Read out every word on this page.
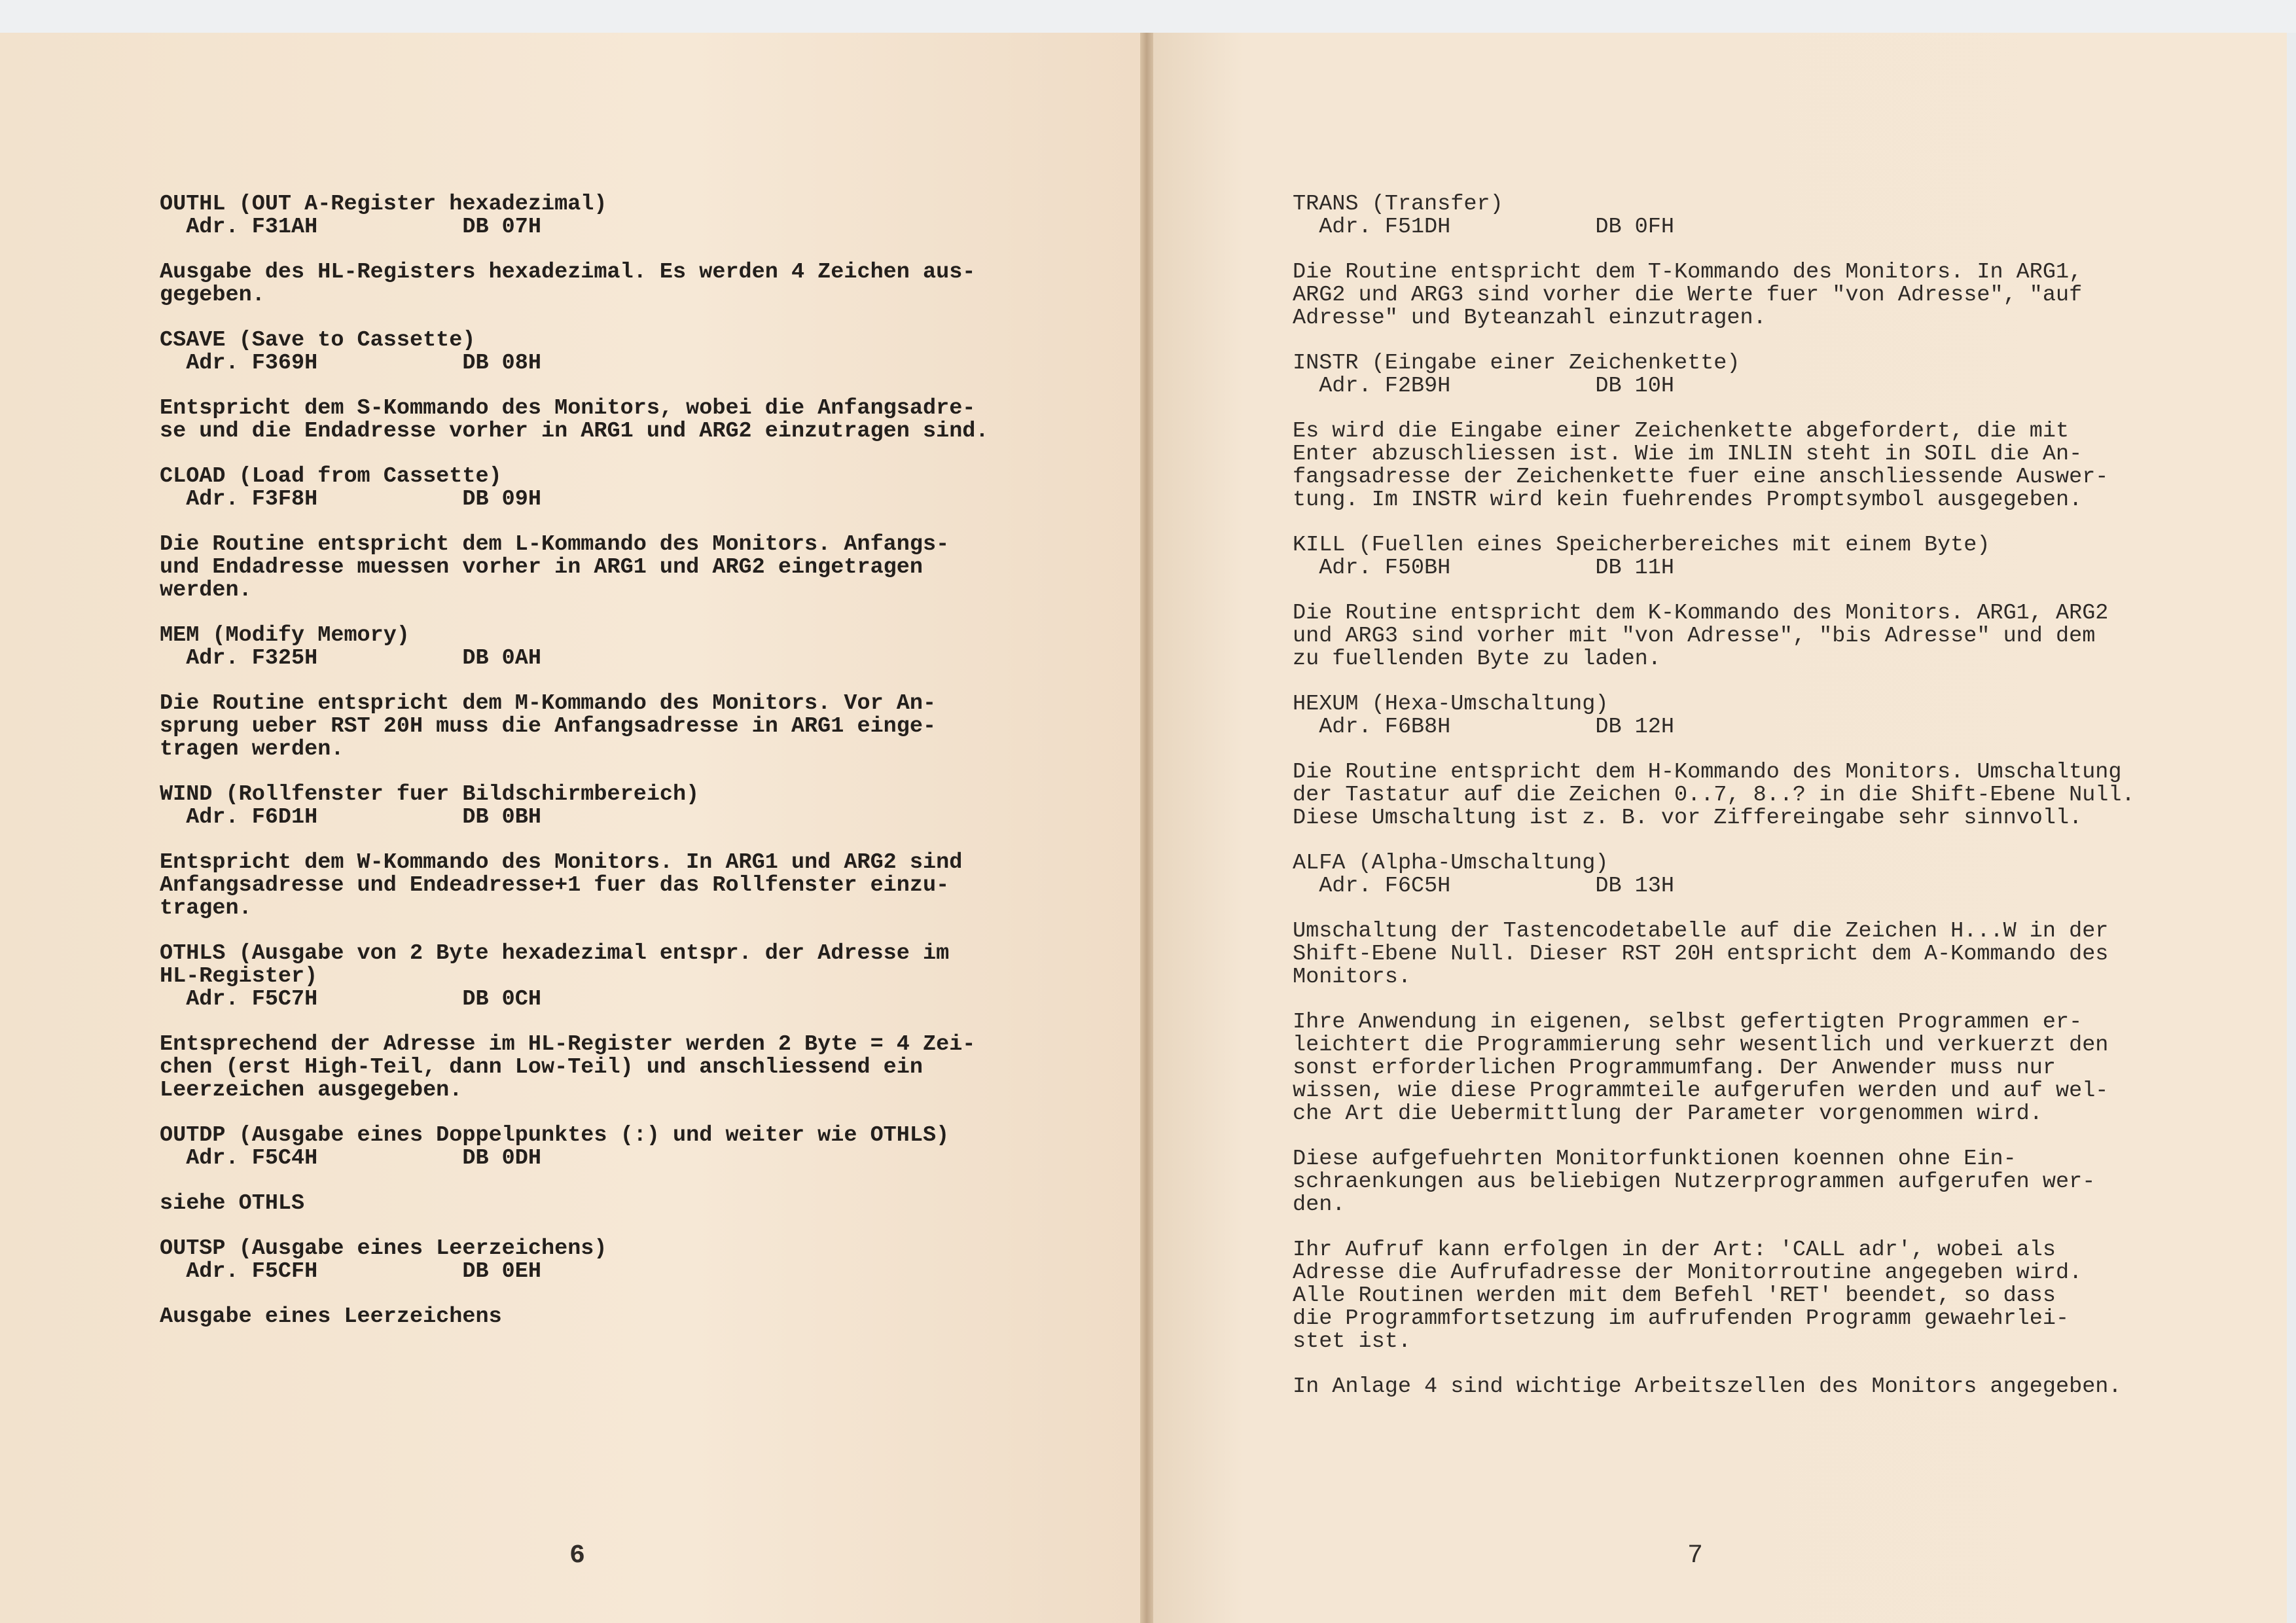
OUTHL (OUT A-Register hexadezimal)
Adr. F31AH           DB 07H
Ausgabe des HL-Registers hexadezimal. Es werden 4 Zeichen aus-
gegeben.
CSAVE (Save to Cassette)
Adr. F369H           DB 08H
Entspricht dem S-Kommando des Monitors, wobei die Anfangsadre-
se und die Endadresse vorher in ARG1 und ARG2 einzutragen sind.
CLOAD (Load from Cassette)
Adr. F3F8H           DB 09H
Die Routine entspricht dem L-Kommando des Monitors. Anfangs-
und Endadresse muessen vorher in ARG1 und ARG2 eingetragen
werden.
MEM (Modify Memory)
Adr. F325H           DB 0AH
Die Routine entspricht dem M-Kommando des Monitors. Vor An-
sprung ueber RST 20H muss die Anfangsadresse in ARG1 einge-
tragen werden.
WIND (Rollfenster fuer Bildschirmbereich)
Adr. F6D1H           DB 0BH
Entspricht dem W-Kommando des Monitors. In ARG1 und ARG2 sind
Anfangsadresse und Endeadresse+1 fuer das Rollfenster einzu-
tragen.
OTHLS (Ausgabe von 2 Byte hexadezimal entspr. der Adresse im
HL-Register)
Adr. F5C7H           DB 0CH
Entsprechend der Adresse im HL-Register werden 2 Byte = 4 Zei-
chen (erst High-Teil, dann Low-Teil) und anschliessend ein
Leerzeichen ausgegeben.
OUTDP (Ausgabe eines Doppelpunktes (:) und weiter wie OTHLS)
Adr. F5C4H           DB 0DH
siehe OTHLS
OUTSP (Ausgabe eines Leerzeichens)
Adr. F5CFH           DB 0EH
Ausgabe eines Leerzeichens
6
TRANS (Transfer)
Adr. F51DH           DB 0FH
Die Routine entspricht dem T-Kommando des Monitors. In ARG1,
ARG2 und ARG3 sind vorher die Werte fuer "von Adresse", "auf
Adresse" und Byteanzahl einzutragen.
INSTR (Eingabe einer Zeichenkette)
Adr. F2B9H           DB 10H
Es wird die Eingabe einer Zeichenkette abgefordert, die mit
Enter abzuschliessen ist. Wie im INLIN steht in SOIL die An-
fangsadresse der Zeichenkette fuer eine anschliessende Auswer-
tung. Im INSTR wird kein fuehrendes Promptsymbol ausgegeben.
KILL (Fuellen eines Speicherbereiches mit einem Byte)
Adr. F50BH           DB 11H
Die Routine entspricht dem K-Kommando des Monitors. ARG1, ARG2
und ARG3 sind vorher mit "von Adresse", "bis Adresse" und dem
zu fuellenden Byte zu laden.
HEXUM (Hexa-Umschaltung)
Adr. F6B8H           DB 12H
Die Routine entspricht dem H-Kommando des Monitors. Umschaltung
der Tastatur auf die Zeichen 0..7, 8..? in die Shift-Ebene Null.
Diese Umschaltung ist z. B. vor Ziffereingabe sehr sinnvoll.
ALFA (Alpha-Umschaltung)
Adr. F6C5H           DB 13H
Umschaltung der Tastencodetabelle auf die Zeichen H...W in der
Shift-Ebene Null. Dieser RST 20H entspricht dem A-Kommando des
Monitors.
Ihre Anwendung in eigenen, selbst gefertigten Programmen er-
leichtert die Programmierung sehr wesentlich und verkuerzt den
sonst erforderlichen Programmumfang. Der Anwender muss nur
wissen, wie diese Programmteile aufgerufen werden und auf wel-
che Art die Uebermittlung der Parameter vorgenommen wird.
Diese aufgefuehrten Monitorfunktionen koennen ohne Ein-
schraenkungen aus beliebigen Nutzerprogrammen aufgerufen wer-
den.
Ihr Aufruf kann erfolgen in der Art: 'CALL adr', wobei als
Adresse die Aufrufadresse der Monitorroutine angegeben wird.
Alle Routinen werden mit dem Befehl 'RET' beendet, so dass
die Programmfortsetzung im aufrufenden Programm gewaehrlei-
stet ist.
In Anlage 4 sind wichtige Arbeitszellen des Monitors angegeben.
7
